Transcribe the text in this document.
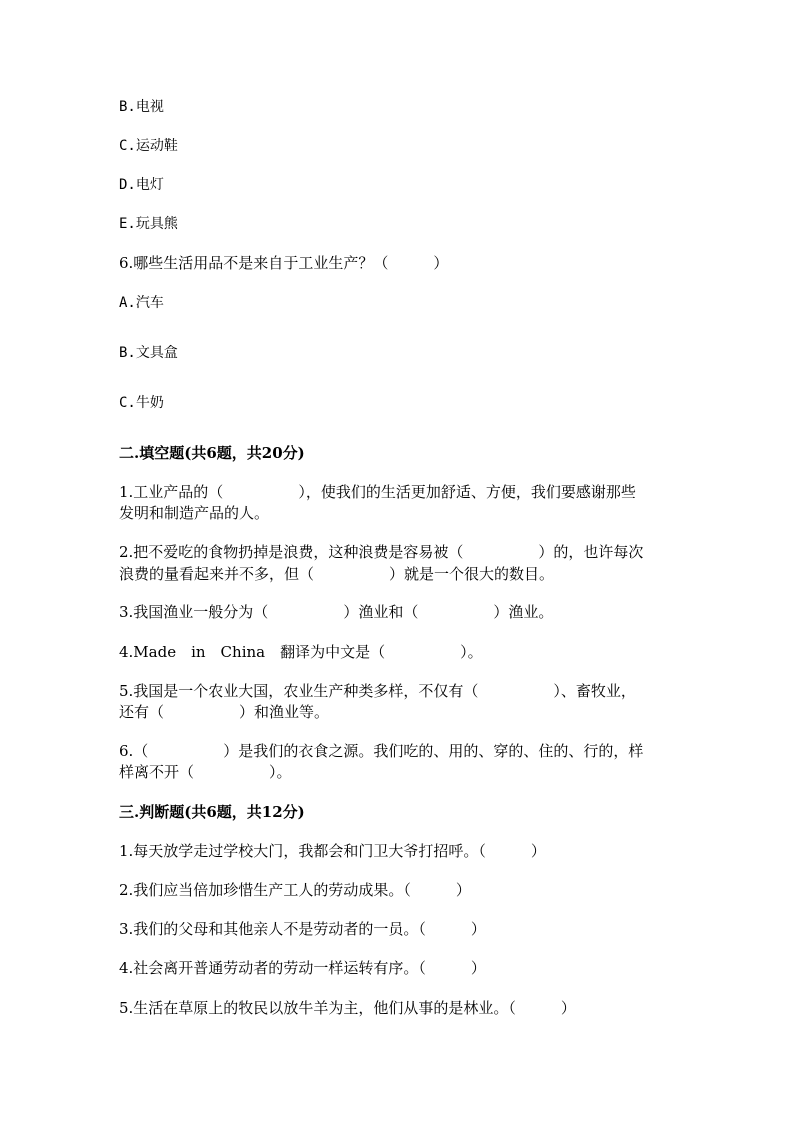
B.电视
C.运动鞋
D.电灯
E.玩具熊
6.哪些生活用品不是来自于工业生产？（　　　）
A.汽车
B.文具盒
C.牛奶
二.填空题(共6题，共20分)
1.工业产品的（　　　　　），使我们的生活更加舒适、方便，我们要感谢那些
发明和制造产品的人。
2.把不爱吃的食物扔掉是浪费，这种浪费是容易被（　　　　　）的，也许每次
浪费的量看起来并不多，但（　　　　　）就是一个很大的数目。
3.我国渔业一般分为（　　　　　）渔业和（　　　　　）渔业。
4.Made　in　China　翻译为中文是（　　　　　）。
5.我国是一个农业大国，农业生产种类多样，不仅有（　　　　　）、畜牧业，
还有（　　　　　）和渔业等。
6.（　　　　　）是我们的衣食之源。我们吃的、用的、穿的、住的、行的，样
样离不开（　　　　　）。
三.判断题(共6题，共12分)
1.每天放学走过学校大门，我都会和门卫大爷打招呼。（　　　）
2.我们应当倍加珍惜生产工人的劳动成果。（　　　）
3.我们的父母和其他亲人不是劳动者的一员。（　　　）
4.社会离开普通劳动者的劳动一样运转有序。（　　　）
5.生活在草原上的牧民以放牛羊为主，他们从事的是林业。（　　　）
